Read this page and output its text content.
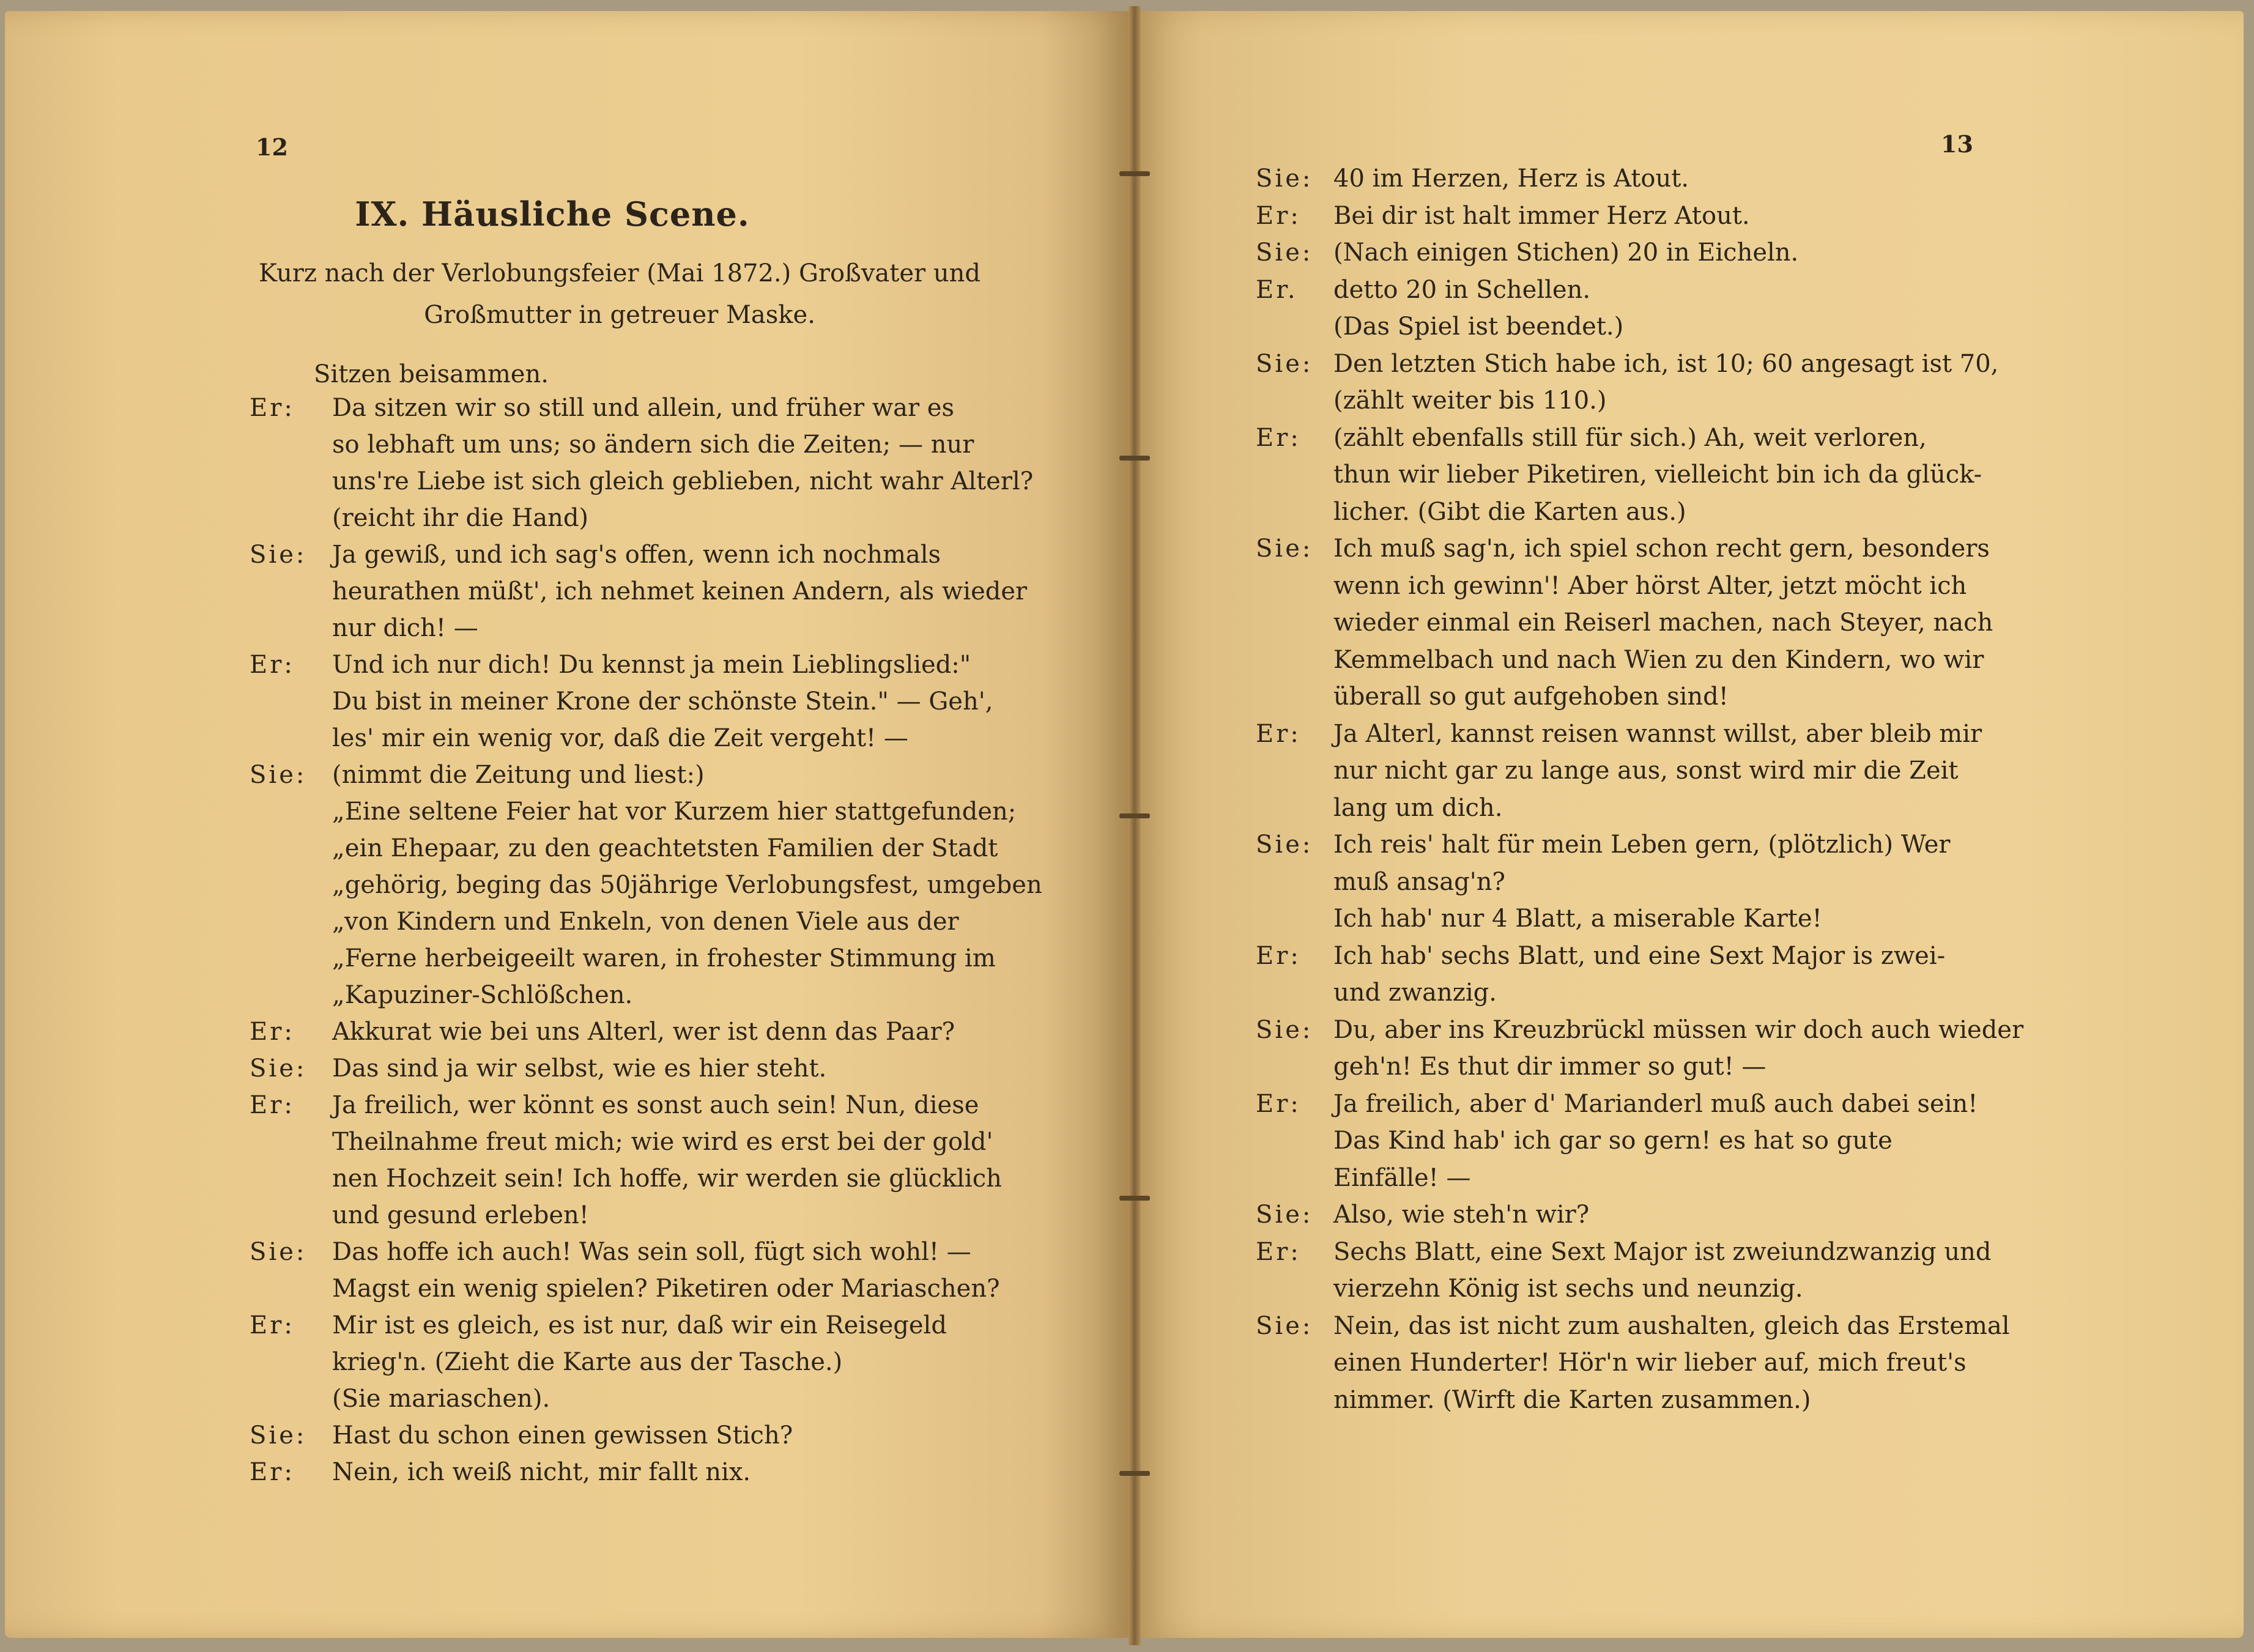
12
IX. Häusliche Scene.
Kurz nach der Verlobungsfeier (Mai 1872.) Großvater und Großmutter in getreuer Maske.
Sitzen beisammen.
Er: Da sitzen wir so still und allein, und früher war es
so lebhaft um uns; so ändern sich die Zeiten; — nur
uns're Liebe ist sich gleich geblieben, nicht wahr Alterl?
(reicht ihr die Hand)
Sie: Ja gewiß, und ich sag's offen, wenn ich nochmals
heurathen müßt', ich nehmet keinen Andern, als wieder
nur dich! —
Er: Und ich nur dich! Du kennst ja mein Lieblingslied:"
Du bist in meiner Krone der schönste Stein." — Geh',
les' mir ein wenig vor, daß die Zeit vergeht! —
Sie: (nimmt die Zeitung und liest:)
„Eine seltene Feier hat vor Kurzem hier stattgefunden;
„ein Ehepaar, zu den geachtetsten Familien der Stadt
„gehörig, beging das 50jährige Verlobungsfest, umgeben
„von Kindern und Enkeln, von denen Viele aus der
„Ferne herbeigeeilt waren, in frohester Stimmung im
„Kapuziner-Schlößchen.
Er: Akkurat wie bei uns Alterl, wer ist denn das Paar?
Sie: Das sind ja wir selbst, wie es hier steht.
Er: Ja freilich, wer könnt es sonst auch sein! Nun, diese
Theilnahme freut mich; wie wird es erst bei der gold'
nen Hochzeit sein! Ich hoffe, wir werden sie glücklich
und gesund erleben!
Sie: Das hoffe ich auch! Was sein soll, fügt sich wohl! —
Magst ein wenig spielen? Piketiren oder Mariaschen?
Er: Mir ist es gleich, es ist nur, daß wir ein Reisegeld
krieg'n. (Zieht die Karte aus der Tasche.)
(Sie mariaschen).
Sie: Hast du schon einen gewissen Stich?
Er: Nein, ich weiß nicht, mir fallt nix.
13
Sie: 40 im Herzen, Herz is Atout.
Er: Bei dir ist halt immer Herz Atout.
Sie: (Nach einigen Stichen) 20 in Eicheln.
Er. detto 20 in Schellen.
(Das Spiel ist beendet.)
Sie: Den letzten Stich habe ich, ist 10; 60 angesagt ist 70,
(zählt weiter bis 110.)
Er: (zählt ebenfalls still für sich.) Ah, weit verloren,
thun wir lieber Piketiren, vielleicht bin ich da glück-
licher. (Gibt die Karten aus.)
Sie: Ich muß sag'n, ich spiel schon recht gern, besonders
wenn ich gewinn'! Aber hörst Alter, jetzt möcht ich
wieder einmal ein Reiserl machen, nach Steyer, nach
Kemmelbach und nach Wien zu den Kindern, wo wir
überall so gut aufgehoben sind!
Er: Ja Alterl, kannst reisen wannst willst, aber bleib mir
nur nicht gar zu lange aus, sonst wird mir die Zeit
lang um dich.
Sie: Ich reis' halt für mein Leben gern, (plötzlich) Wer
muß ansag'n?
Ich hab' nur 4 Blatt, a miserable Karte!
Er: Ich hab' sechs Blatt, und eine Sext Major is zwei-
und zwanzig.
Sie: Du, aber ins Kreuzbrückl müssen wir doch auch wieder
geh'n! Es thut dir immer so gut! —
Er: Ja freilich, aber d' Marianderl muß auch dabei sein!
Das Kind hab' ich gar so gern! es hat so gute
Einfälle! —
Sie: Also, wie steh'n wir?
Er: Sechs Blatt, eine Sext Major ist zweiundzwanzig und
vierzehn König ist sechs und neunzig.
Sie: Nein, das ist nicht zum aushalten, gleich das Erstemal
einen Hunderter! Hör'n wir lieber auf, mich freut's
nimmer. (Wirft die Karten zusammen.)
